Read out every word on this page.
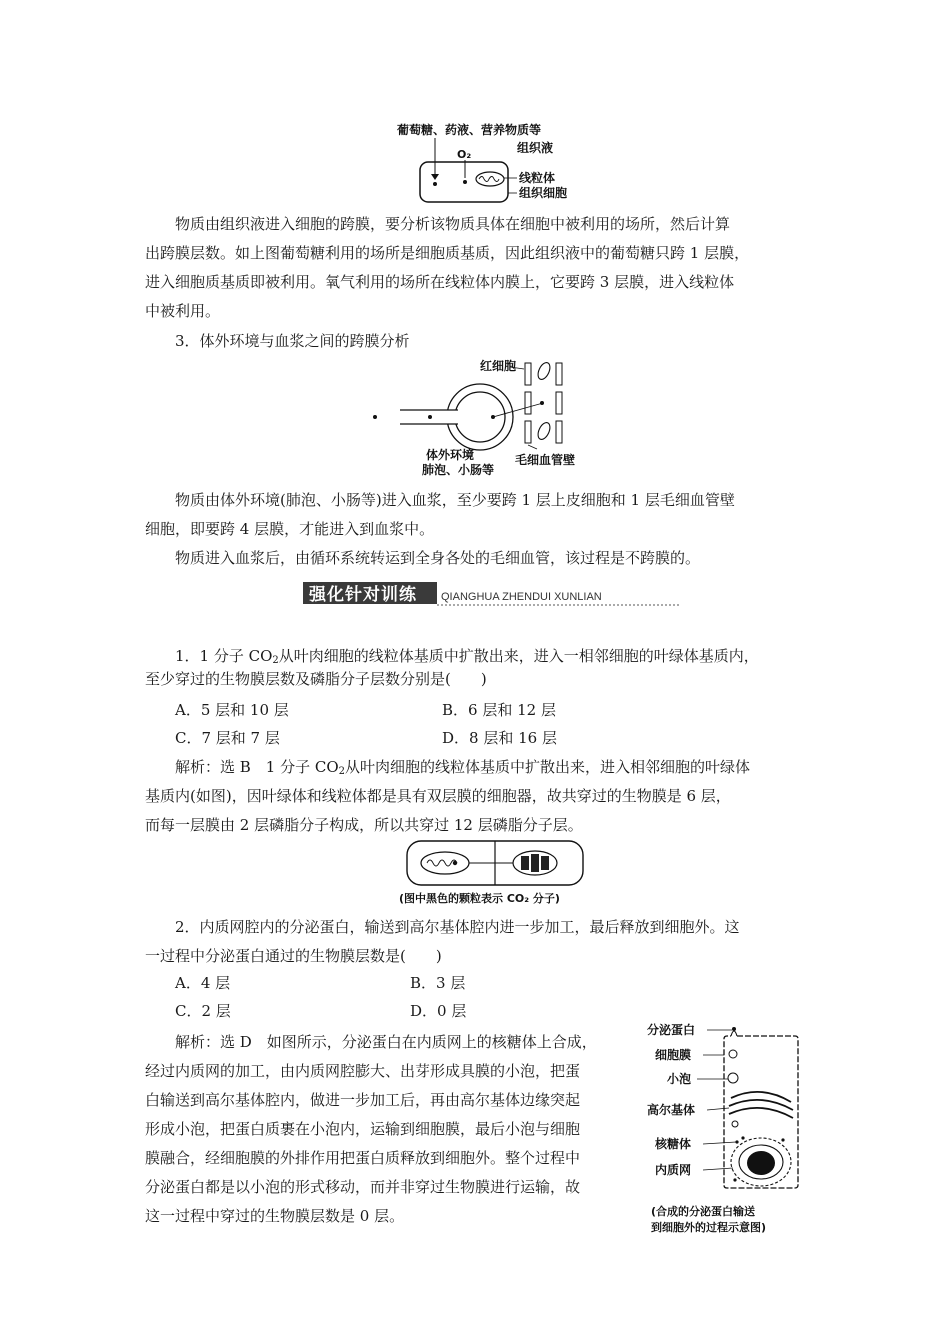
葡萄糖、药液、营养物质等
O₂	组织液
线粒体
组织细胞

物质由组织液进入细胞的跨膜，要分析该物质具体在细胞中被利用的场所，然后计算

出跨膜层数。如上图葡萄糖利用的场所是细胞质基质，因此组织液中的葡萄糖只跨 1 层膜，

进入细胞质基质即被利用。氧气利用的场所在线粒体内膜上，它要跨 3 层膜，进入线粒体

中被利用。

3．体外环境与血浆之间的跨膜分析

红细胞
体外环境
肺泡、小肠等
毛细血管壁

物质由体外环境(肺泡、小肠等)进入血浆，至少要跨 1 层上皮细胞和 1 层毛细血管壁

细胞，即要跨 4 层膜，才能进入到血浆中。

物质进入血浆后，由循环系统转运到全身各处的毛细血管，该过程是不跨膜的。

强化针对训练 QIANGHUA ZHENDUI XUNLIAN

1．1 分子 $CO_2$从叶肉细胞的线粒体基质中扩散出来，进入一相邻细胞的叶绿体基质内，

至少穿过的生物膜层数及磷脂分子层数分别是(　　)

A．5 层和 10 层	B．6 层和 12 层

C．7 层和 7 层	D．8 层和 16 层

解析：选 B　1 分子 $CO_2$从叶肉细胞的线粒体基质中扩散出来，进入相邻细胞的叶绿体

基质内(如图)，因叶绿体和线粒体都是具有双层膜的细胞器，故共穿过的生物膜是 6 层，

而每一层膜由 2 层磷脂分子构成，所以共穿过 12 层磷脂分子层。

(图中黑色的颗粒表示 CO₂ 分子)

2．内质网腔内的分泌蛋白，输送到高尔基体腔内进一步加工，最后释放到细胞外。这

一过程中分泌蛋白通过的生物膜层数是(　　)

A．4 层	B．3 层

C．2 层	D．0 层

解析：选 D　如图所示，分泌蛋白在内质网上的核糖体上合成，

经过内质网的加工，由内质网腔膨大、出芽形成具膜的小泡，把蛋

白输送到高尔基体腔内，做进一步加工后，再由高尔基体边缘突起

形成小泡，把蛋白质裹在小泡内，运输到细胞膜，最后小泡与细胞

膜融合，经细胞膜的外排作用把蛋白质释放到细胞外。整个过程中

分泌蛋白都是以小泡的形式移动，而并非穿过生物膜进行运输，故

这一过程中穿过的生物膜层数是 0 层。

分泌蛋白
细胞膜
小泡
高尔基体
核糖体
内质网
(合成的分泌蛋白输送
到细胞外的过程示意图)
